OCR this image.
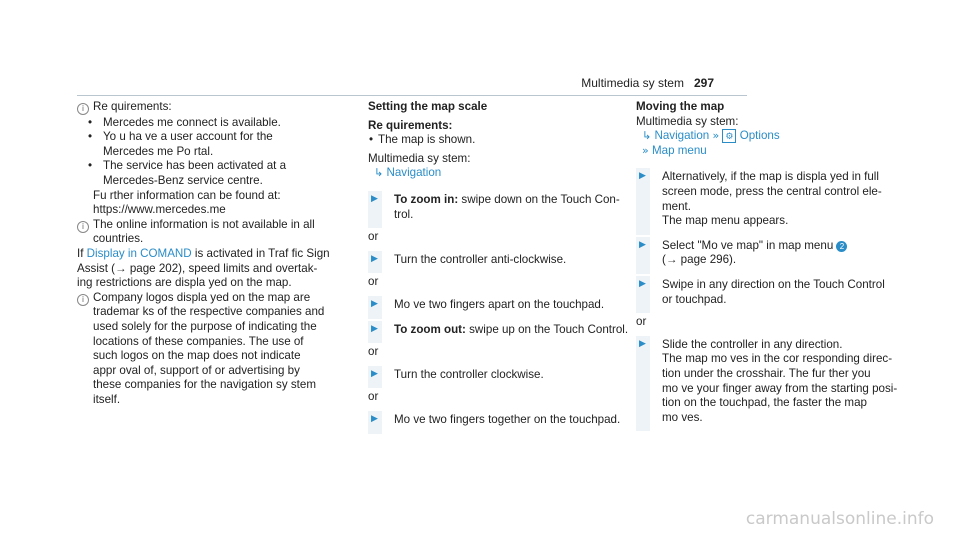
Multimedia sy stem 297
i Re quirements:
• Mercedes me connect is available.
• Yo u ha ve a user account for the
Mercedes me Po rtal.
• The service has been activated at a
Mercedes-Benz service centre.
Fu rther information can be found at:
https://www.mercedes.me
i The online information is not available in all
countries.
If Display in COMAND is activated in Traf fic Sign
Assist (→ page 202), speed limits and overtak‐
ing restrictions are displa yed on the map.
i Company logos displa yed on the map are
trademar ks of the respective companies and
used solely for the purpose of indicating the
locations of these companies. The use of
such logos on the map does not indicate
appr oval of, support of or advertising by
these companies for the navigation sy stem
itself.
Setting the map scale
Re quirements:
• The map is shown.
Multimedia sy stem:
↳ Navigation
▶ To zoom in: swipe down on the Touch Con‐
trol.
or
▶ Turn the controller anti-clockwise.
or
▶ Mo ve two fingers apart on the touchpad.
▶ To zoom out: swipe up on the Touch Control.
or
▶ Turn the controller clockwise.
or
▶ Mo ve two fingers together on the touchpad.
Moving the map
Multimedia sy stem:
↳ Navigation » ⚙ Options
» Map menu
▶ Alternatively, if the map is displa yed in full
screen mode, press the central control ele‐
ment.
The map menu appears.
▶ Select "Mo ve map" in map menu 2
(→ page 296).
▶ Swipe in any direction on the Touch Control
or touchpad.
or
▶ Slide the controller in any direction.
The map mo ves in the cor responding direc‐
tion under the crosshair. The fur ther you
mo ve your finger away from the starting posi‐
tion on the touchpad, the faster the map
mo ves.
carmanualsonline.info
